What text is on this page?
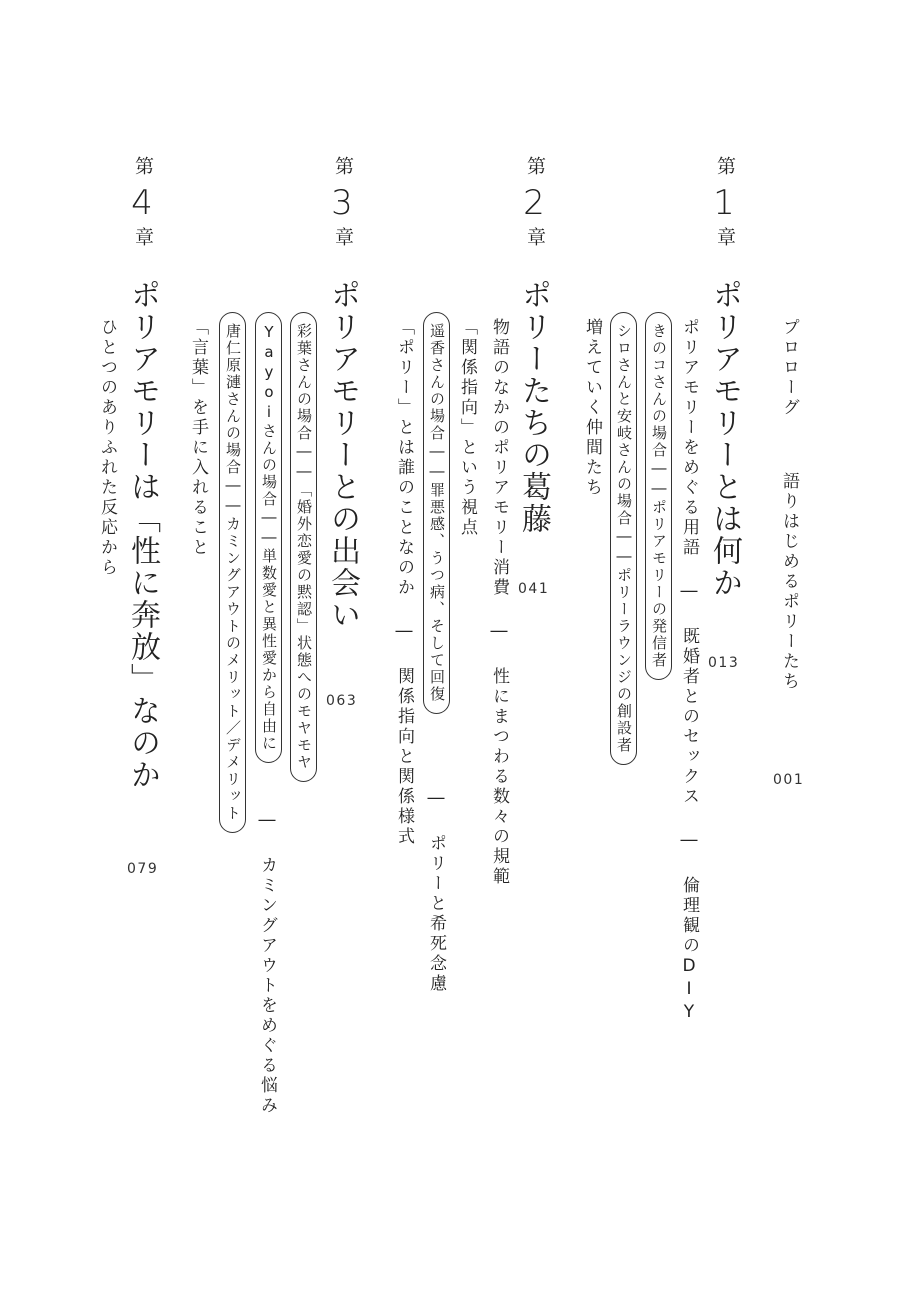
プロローグ
語りはじめるポリーたち
001
第
1
章
ポリアモリーとは何か
013
ポリアモリーをめぐる用語 ― 既婚者とのセックス ― 倫理観のDIY
きのコさんの場合――ポリアモリーの発信者
シロさんと安岐さんの場合――ポリーラウンジの創設者
増えていく仲間たち
第
2
章
ポリーたちの葛藤
041
物語のなかのポリアモリー消費 ― 性にまつわる数々の規範
「関係指向」という視点
遥香さんの場合――罪悪感、うつ病、そして回復
― ポリーと希死念慮
「ポリー」とは誰のことなのか ― 関係指向と関係様式
第
3
章
ポリアモリーとの出会い
063
彩葉さんの場合――「婚外恋愛の黙認」状態へのモヤモヤ
Yayoiさんの場合――単数愛と異性愛から自由に
― カミングアウトをめぐる悩み
唐仁原漣さんの場合――カミングアウトのメリット／デメリット
「言葉」を手に入れること
第
4
章
ポリアモリーは「性に奔放」なのか
079
ひとつのありふれた反応から
